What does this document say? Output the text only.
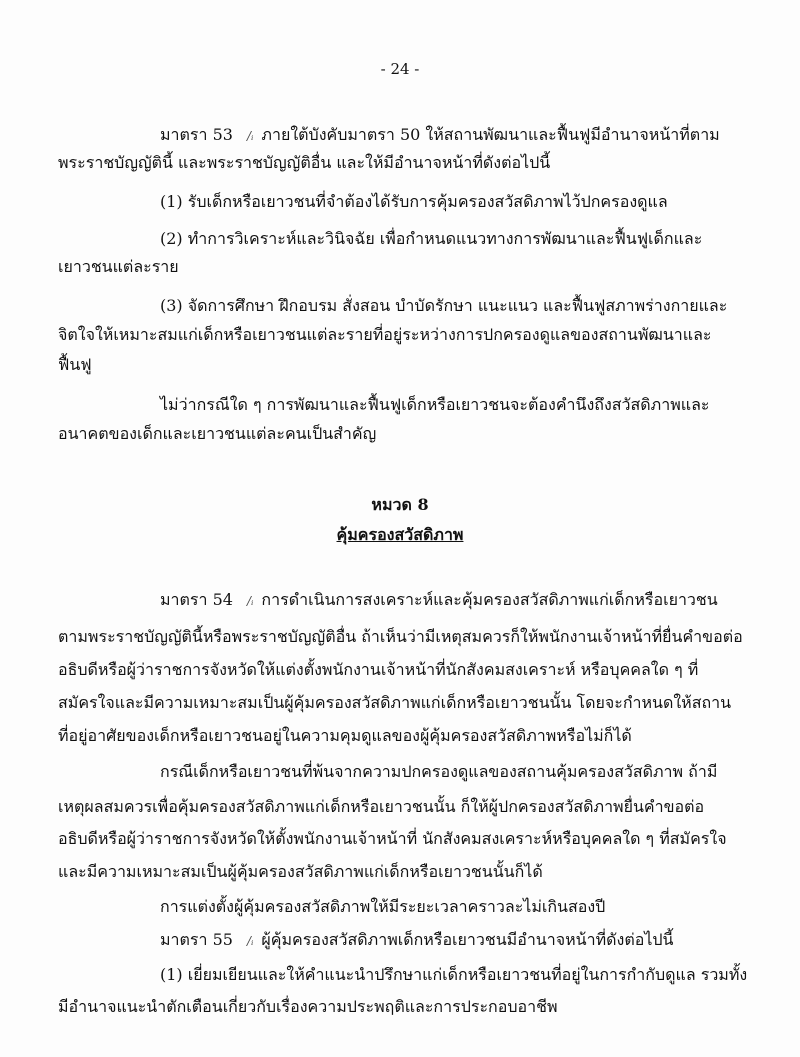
- 24 -
มาตรา 53 /ᵢ ภายใต้บังคับมาตรา 50 ให้สถานพัฒนาและฟื้นฟูมีอำนาจหน้าที่ตาม
พระราชบัญญัตินี้ และพระราชบัญญัติอื่น และให้มีอำนาจหน้าที่ดังต่อไปนี้
(1) รับเด็กหรือเยาวชนที่จำต้องได้รับการคุ้มครองสวัสดิภาพไว้ปกครองดูแล
(2) ทำการวิเคราะห์และวินิจฉัย เพื่อกำหนดแนวทางการพัฒนาและฟื้นฟูเด็กและ
เยาวชนแต่ละราย
(3) จัดการศึกษา ฝึกอบรม สั่งสอน บำบัดรักษา แนะแนว และฟื้นฟูสภาพร่างกายและ
จิตใจให้เหมาะสมแก่เด็กหรือเยาวชนแต่ละรายที่อยู่ระหว่างการปกครองดูแลของสถานพัฒนาและ
ฟื้นฟู
ไม่ว่ากรณีใด ๆ การพัฒนาและฟื้นฟูเด็กหรือเยาวชนจะต้องคำนึงถึงสวัสดิภาพและ
อนาคตของเด็กและเยาวชนแต่ละคนเป็นสำคัญ
หมวด 8
คุ้มครองสวัสดิภาพ
มาตรา 54 /ᵢ การดำเนินการสงเคราะห์และคุ้มครองสวัสดิภาพแก่เด็กหรือเยาวชน
ตามพระราชบัญญัตินี้หรือพระราชบัญญัติอื่น ถ้าเห็นว่ามีเหตุสมควรก็ให้พนักงานเจ้าหน้าที่ยื่นคำขอต่อ
อธิบดีหรือผู้ว่าราชการจังหวัดให้แต่งตั้งพนักงานเจ้าหน้าที่นักสังคมสงเคราะห์ หรือบุคคลใด ๆ ที่
สมัครใจและมีความเหมาะสมเป็นผู้คุ้มครองสวัสดิภาพแก่เด็กหรือเยาวชนนั้น โดยจะกำหนดให้สถาน
ที่อยู่อาศัยของเด็กหรือเยาวชนอยู่ในความคุมดูแลของผู้คุ้มครองสวัสดิภาพหรือไม่ก็ได้
กรณีเด็กหรือเยาวชนที่พ้นจากความปกครองดูแลของสถานคุ้มครองสวัสดิภาพ ถ้ามี
เหตุผลสมควรเพื่อคุ้มครองสวัสดิภาพแก่เด็กหรือเยาวชนนั้น ก็ให้ผู้ปกครองสวัสดิภาพยื่นคำขอต่อ
อธิบดีหรือผู้ว่าราชการจังหวัดให้ตั้งพนักงานเจ้าหน้าที่ นักสังคมสงเคราะห์หรือบุคคลใด ๆ ที่สมัครใจ
และมีความเหมาะสมเป็นผู้คุ้มครองสวัสดิภาพแก่เด็กหรือเยาวชนนั้นก็ได้
การแต่งตั้งผู้คุ้มครองสวัสดิภาพให้มีระยะเวลาคราวละไม่เกินสองปี
มาตรา 55 /ᵢ ผู้คุ้มครองสวัสดิภาพเด็กหรือเยาวชนมีอำนาจหน้าที่ดังต่อไปนี้
(1) เยี่ยมเยียนและให้คำแนะนำปรึกษาแก่เด็กหรือเยาวชนที่อยู่ในการกำกับดูแล รวมทั้ง
มีอำนาจแนะนำตักเตือนเกี่ยวกับเรื่องความประพฤติและการประกอบอาชีพ
